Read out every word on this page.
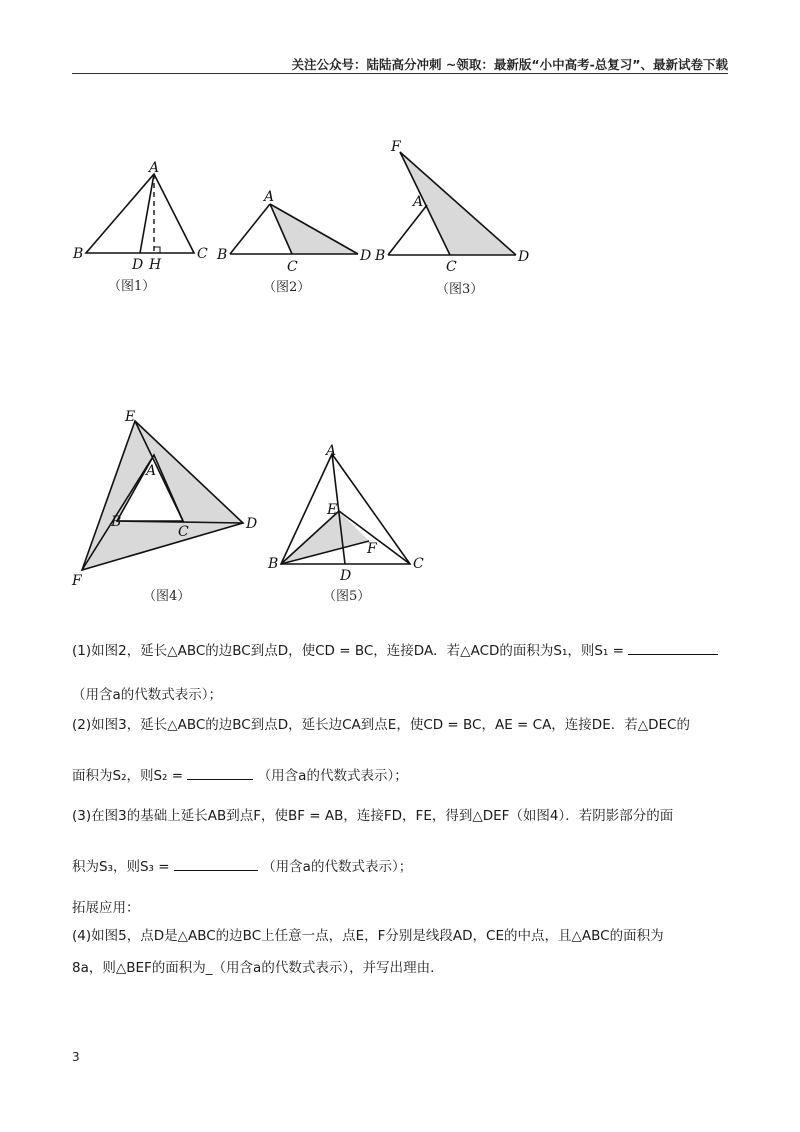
关注公众号：陆陆高分冲刺 ~领取：最新版“小中高考-总复习”、最新试卷下载
A
B	C
D H
（图1）
A
B
C
D
（图2）
F
A
B
C
D
（图3）
E
A
B
C	D
F
（图4）
A
E
F
B	C
D
（图5）
(1)如图2，延长△ABC的边BC到点D，使CD = BC，连接DA．若△ACD的面积为S₁，则S₁ =
（用含a的代数式表示）；
(2)如图3，延长△ABC的边BC到点D，延长边CA到点E，使CD = BC，AE = CA，连接DE．若△DEC的
面积为S₂，则S₂ =	（用含a的代数式表示）；
(3)在图3的基础上延长AB到点F，使BF = AB，连接FD，FE，得到△DEF（如图4）．若阴影部分的面
积为S₃，则S₃ =	（用含a的代数式表示）；
拓展应用：
(4)如图5，点D是△ABC的边BC上任意一点，点E，F分别是线段AD，CE的中点，且△ABC的面积为
8a，则△BEF的面积为_（用含a的代数式表示），并写出理由.
3
